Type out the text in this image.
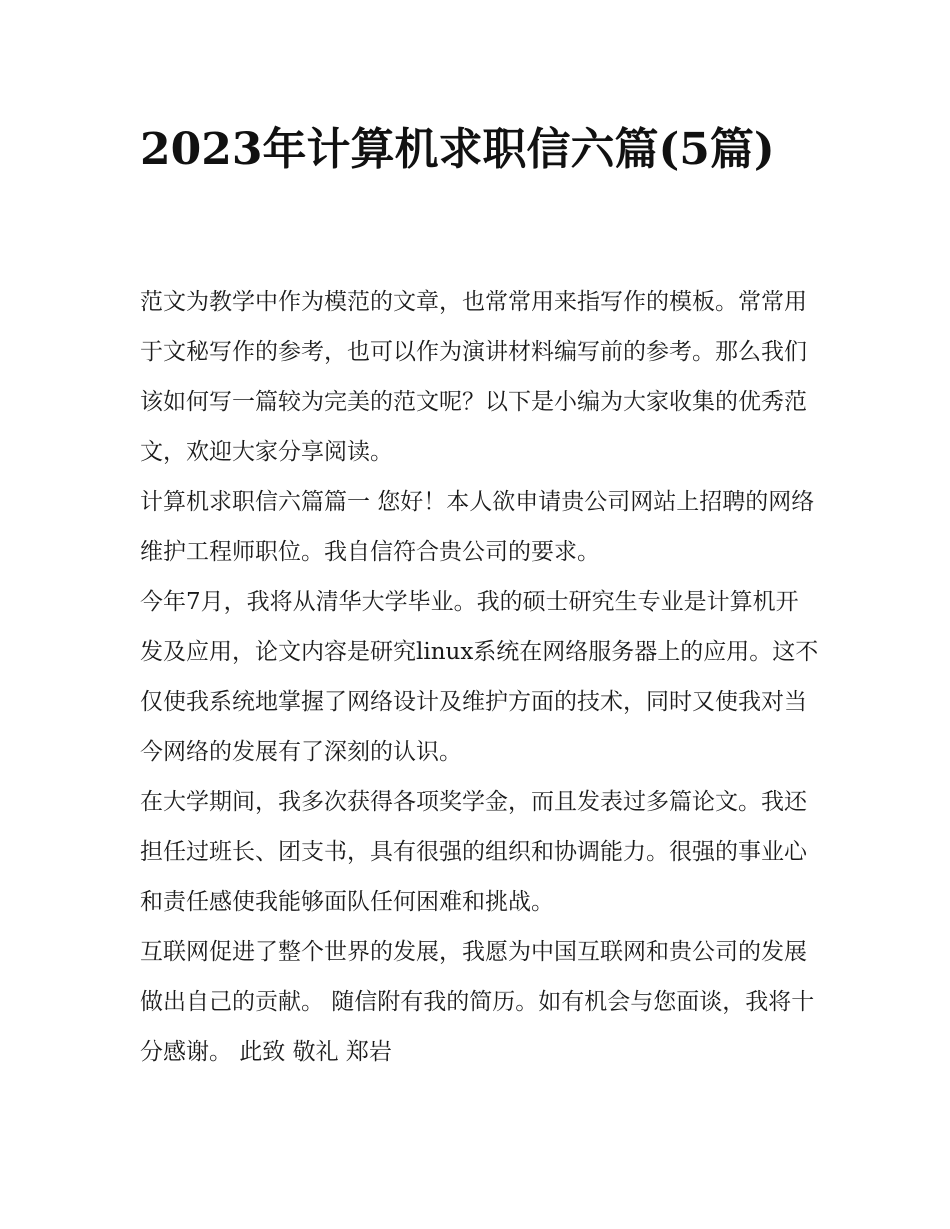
2023年计算机求职信六篇(5篇)

范文为教学中作为模范的文章，也常常用来指写作的模板。常常用于文秘写作的参考，也可以作为演讲材料编写前的参考。那么我们该如何写一篇较为完美的范文呢？以下是小编为大家收集的优秀范文，欢迎大家分享阅读。

计算机求职信六篇篇一 您好！本人欲申请贵公司网站上招聘的网络维护工程师职位。我自信符合贵公司的要求。

今年7月，我将从清华大学毕业。我的硕士研究生专业是计算机开发及应用，论文内容是研究linux系统在网络服务器上的应用。这不仅使我系统地掌握了网络设计及维护方面的技术，同时又使我对当今网络的发展有了深刻的认识。

在大学期间，我多次获得各项奖学金，而且发表过多篇论文。我还担任过班长、团支书，具有很强的组织和协调能力。很强的事业心和责任感使我能够面队任何困难和挑战。

互联网促进了整个世界的发展，我愿为中国互联网和贵公司的发展做出自己的贡献。 随信附有我的简历。如有机会与您面谈，我将十分感谢。 此致 敬礼 郑岩
